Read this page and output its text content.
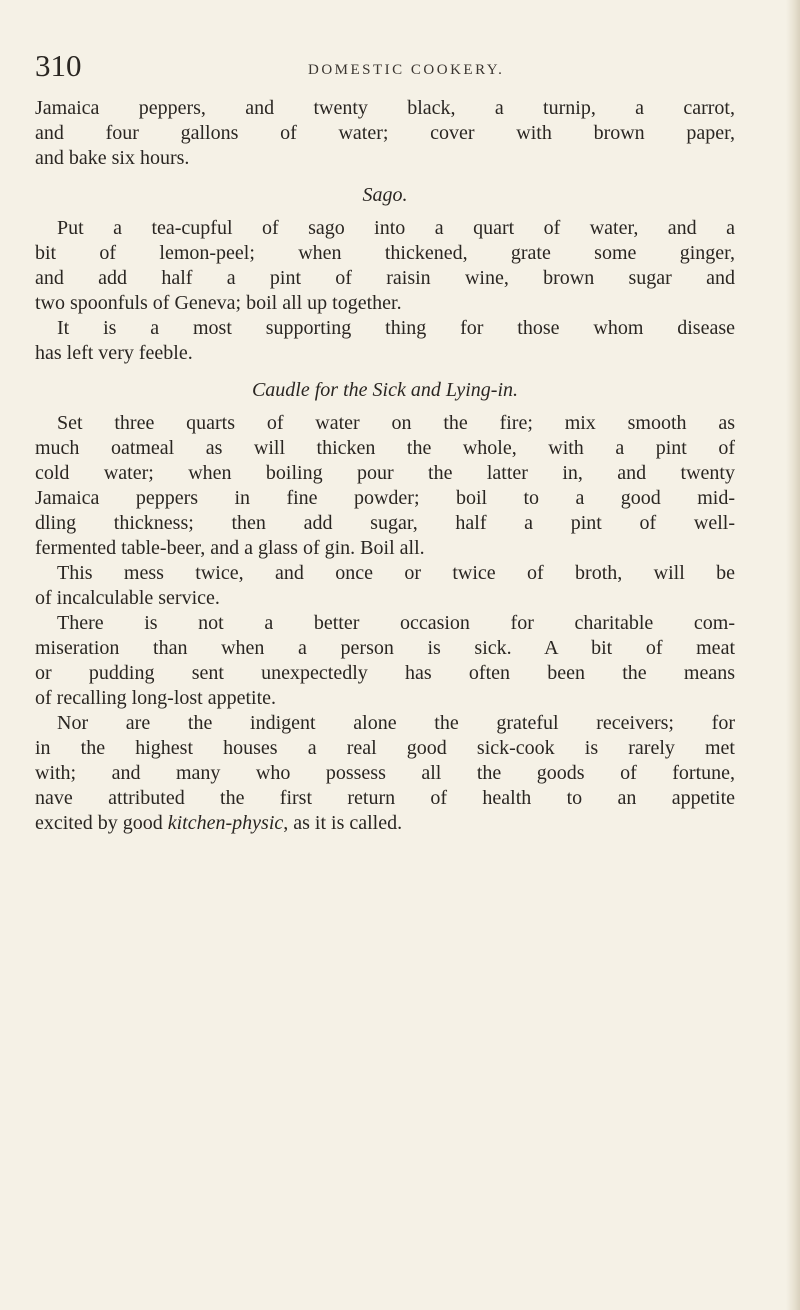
310	DOMESTIC COOKERY.
Jamaica peppers, and twenty black, a turnip, a carrot,
and four gallons of water; cover with brown paper,
and bake six hours.
Sago.
Put a tea-cupful of sago into a quart of water, and a
bit of lemon-peel; when thickened, grate some ginger,
and add half a pint of raisin wine, brown sugar and
two spoonfuls of Geneva; boil all up together.
It is a most supporting thing for those whom disease
has left very feeble.
Caudle for the Sick and Lying-in.
Set three quarts of water on the fire; mix smooth as
much oatmeal as will thicken the whole, with a pint of
cold water; when boiling pour the latter in, and twenty
Jamaica peppers in fine powder; boil to a good mid-
dling thickness; then add sugar, half a pint of well-
fermented table-beer, and a glass of gin. Boil all.
This mess twice, and once or twice of broth, will be
of incalculable service.
There is not a better occasion for charitable com-
miseration than when a person is sick. A bit of meat
or pudding sent unexpectedly has often been the means
of recalling long-lost appetite.
Nor are the indigent alone the grateful receivers; for
in the highest houses a real good sick-cook is rarely met
with; and many who possess all the goods of fortune,
nave attributed the first return of health to an appetite
excited by good kitchen-physic, as it is called.
